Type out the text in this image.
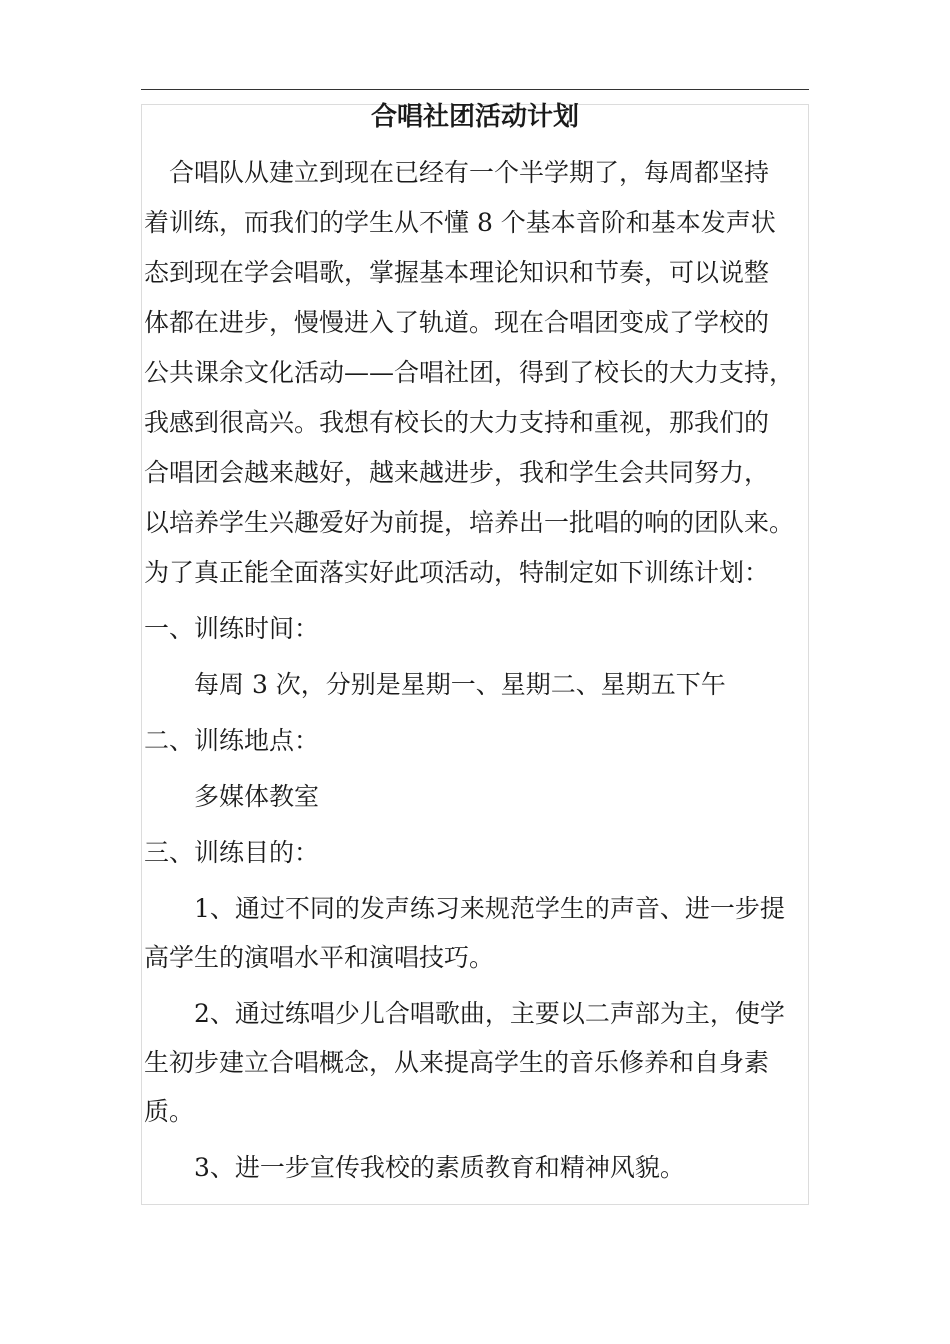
合唱社团活动计划

　合唱队从建立到现在已经有一个半学期了，每周都坚持

着训练，而我们的学生从不懂 8 个基本音阶和基本发声状

态到现在学会唱歌，掌握基本理论知识和节奏，可以说整

体都在进步，慢慢进入了轨道。现在合唱团变成了学校的

公共课余文化活动——合唱社团，得到了校长的大力支持，

我感到很高兴。我想有校长的大力支持和重视，那我们的

合唱团会越来越好，越来越进步，我和学生会共同努力，

以培养学生兴趣爱好为前提，培养出一批唱的响的团队来。

为了真正能全面落实好此项活动，特制定如下训练计划：

一、训练时间：

　　每周 3 次，分别是星期一、星期二、星期五下午

二、训练地点：

　　多媒体教室

三、训练目的：

　　1、通过不同的发声练习来规范学生的声音、进一步提

高学生的演唱水平和演唱技巧。

　　2、通过练唱少儿合唱歌曲，主要以二声部为主，使学

生初步建立合唱概念，从来提高学生的音乐修养和自身素

质。

　　3、进一步宣传我校的素质教育和精神风貌。
